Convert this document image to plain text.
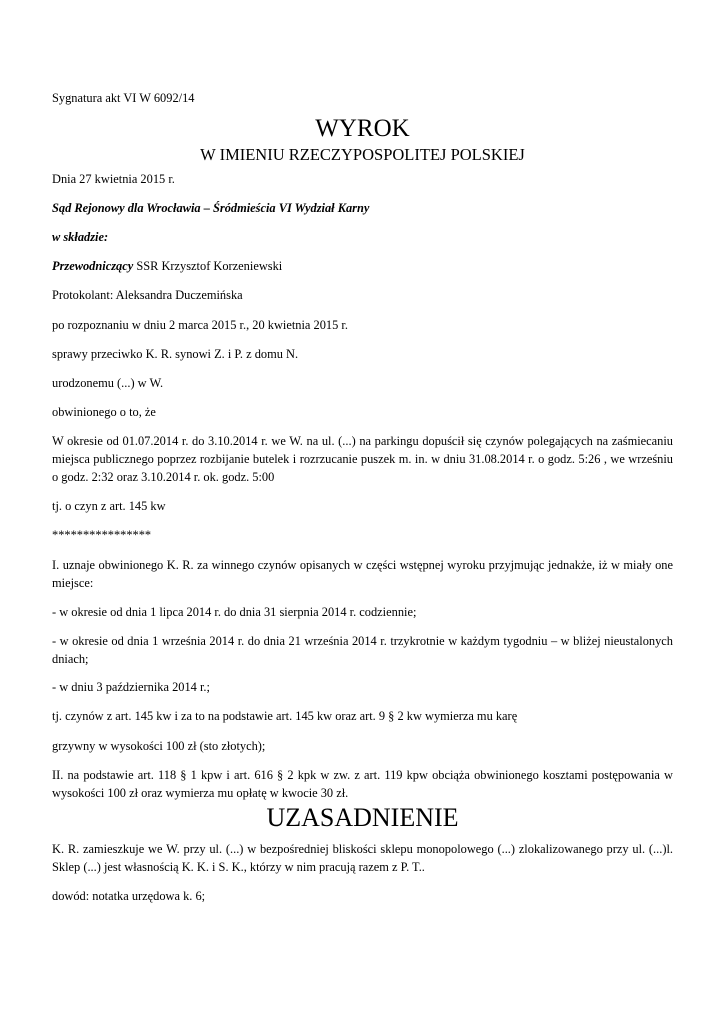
Sygnatura akt VI W 6092/14

WYROK

W IMIENIU RZECZYPOSPOLITEJ POLSKIEJ

Dnia 27 kwietnia 2015 r.

Sąd Rejonowy dla Wrocławia – Śródmieścia VI Wydział Karny

w składzie:

Przewodniczący SSR Krzysztof Korzeniewski

Protokolant: Aleksandra Duczemińska

po rozpoznaniu w dniu 2 marca 2015 r., 20 kwietnia 2015 r.

sprawy przeciwko K. R. synowi Z. i P. z domu N.

urodzonemu (...) w W.

obwinionego o to, że

W okresie od 01.07.2014 r. do 3.10.2014 r. we W. na ul. (...) na parkingu dopuścił się czynów polegających na zaśmiecaniu miejsca publicznego poprzez rozbijanie butelek i rozrzucanie puszek m. in. w dniu 31.08.2014 r. o godz. 5:26 , we wrześniu o godz. 2:32 oraz 3.10.2014 r. ok. godz. 5:00

tj. o czyn z art. 145 kw

****************

I. uznaje obwinionego K. R. za winnego czynów opisanych w części wstępnej wyroku przyjmując jednakże, iż w miały one miejsce:

- w okresie od dnia 1 lipca 2014 r. do dnia 31 sierpnia 2014 r. codziennie;

- w okresie od dnia 1 września 2014 r. do dnia 21 września 2014 r. trzykrotnie w każdym tygodniu – w bliżej nieustalonych dniach;

- w dniu 3 października 2014 r.;

tj. czynów z art. 145 kw i za to na podstawie art. 145 kw oraz art. 9 § 2 kw wymierza mu karę

grzywny w wysokości 100 zł (sto złotych);

II. na podstawie art. 118 § 1 kpw i art. 616 § 2 kpk w zw. z art. 119 kpw obciąża obwinionego kosztami postępowania w wysokości 100 zł oraz wymierza mu opłatę w kwocie 30 zł.

UZASADNIENIE

K. R. zamieszkuje we W. przy ul. (...) w bezpośredniej bliskości sklepu monopolowego (...) zlokalizowanego przy ul. (...)l. Sklep (...) jest własnością K. K. i S. K., którzy w nim pracują razem z P. T..

dowód: notatka urzędowa k. 6;
